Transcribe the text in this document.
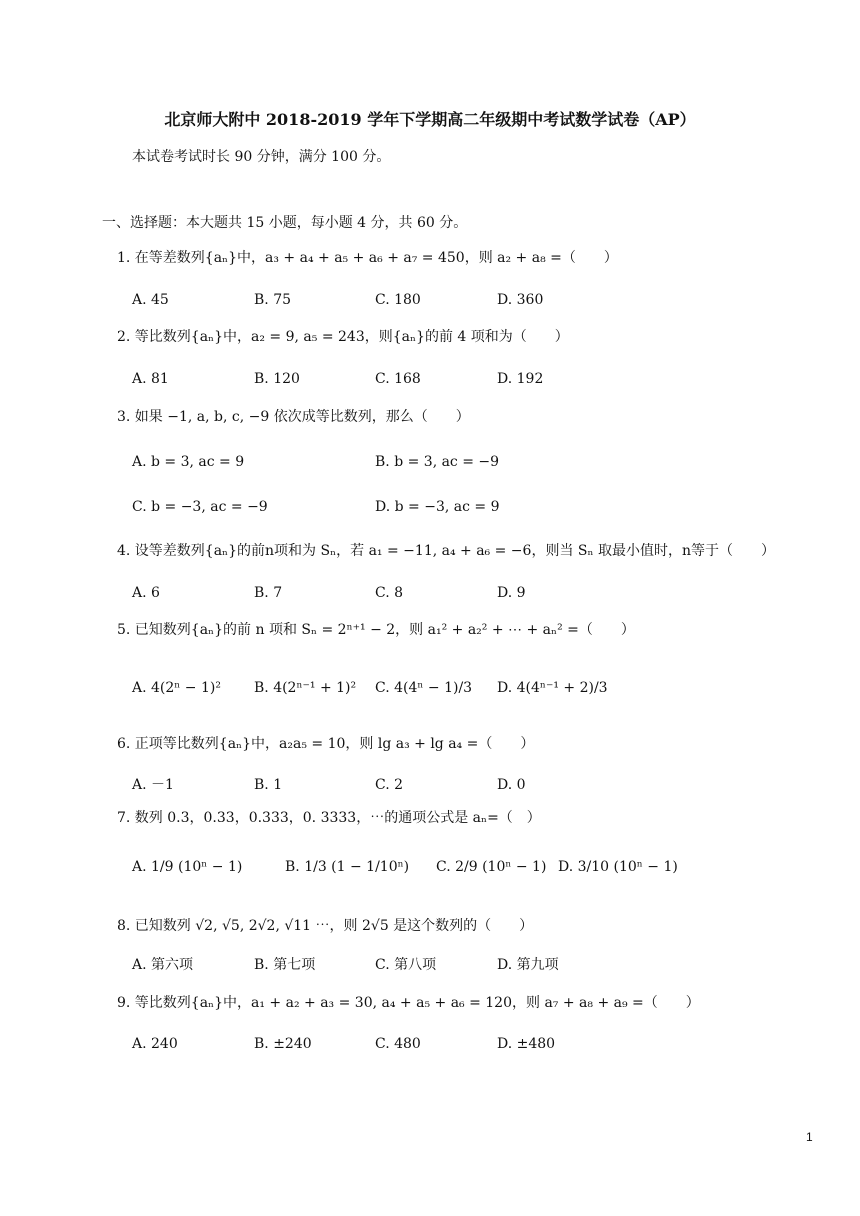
北京师大附中 2018-2019 学年下学期高二年级期中考试数学试卷（AP）
本试卷考试时长 90 分钟，满分 100 分。
一、选择题：本大题共 15 小题，每小题 4 分，共 60 分。
1. 在等差数列{aₙ}中，a₃ + a₄ + a₅ + a₆ + a₇ = 450，则 a₂ + a₈ =（　　）
A. 45	B. 75	C. 180	D. 360
2. 等比数列{aₙ}中，a₂ = 9, a₅ = 243，则{aₙ}的前 4 项和为（　　）
A. 81	B. 120	C. 168	D. 192
3. 如果 −1, a, b, c, −9 依次成等比数列，那么（　　）
A. b = 3, ac = 9	B. b = 3, ac = −9
C. b = −3, ac = −9	D. b = −3, ac = 9
4. 设等差数列{aₙ}的前n项和为 Sₙ，若 a₁ = −11, a₄ + a₆ = −6，则当 Sₙ 取最小值时，n等于（　　）
A. 6	B. 7	C. 8	D. 9
5. 已知数列{aₙ}的前 n 项和 Sₙ = 2ⁿ⁺¹ − 2，则 a₁² + a₂² + ⋯ + aₙ² =（　　）
A. 4(2ⁿ − 1)² B. 4(2ⁿ⁻¹ + 1)² C. 4(4ⁿ − 1)/3 D. 4(4ⁿ⁻¹ + 2)/3
6. 正项等比数列{aₙ}中，a₂a₅ = 10，则 lg a₃ + lg a₄ =（　　）
A. －1	B. 1	C. 2	D. 0
7. 数列 0.3，0.33，0.333，0. 3333，⋯的通项公式是 aₙ=（　）
A. 1/9 (10ⁿ − 1)	B. 1/3 (1 − 1/10ⁿ) C. 2/9 (10ⁿ − 1) D. 3/10 (10ⁿ − 1)
8. 已知数列 √2, √5, 2√2, √11 ⋯，则 2√5 是这个数列的（　　）
A. 第六项	B. 第七项	C. 第八项	D. 第九项
9. 等比数列{aₙ}中，a₁ + a₂ + a₃ = 30, a₄ + a₅ + a₆ = 120，则 a₇ + a₈ + a₉ =（　　）
A. 240	B. ±240	C. 480	D. ±480
1
